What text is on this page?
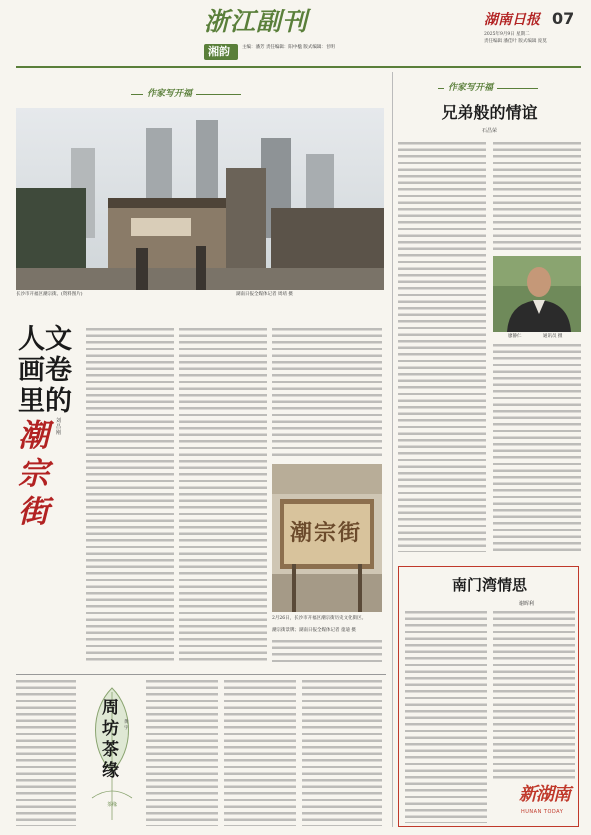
浙江副刊
湘韵	主编：潘芳 责任编辑：阳中楹 版式编辑：甘明
湖南日报 07
2025年9月9日 星期二
责任编辑 潘佳叶 版式编辑 庞莫
作家写开福
长沙市开福区潮宗街。(资料图片)	湖南日报全媒体记者 周靖 摄
人文
画卷
里的
潮宗街
刘昌刚
潮宗街
2月26日，长沙市开福区潮宗街历史文化街区。
潮宗街景牌；湖南日报全媒体记者 童迪 摄
作家写开福
兄弟般的情谊
石昌荣
廖静仁	通讯员 摄
周坊茶缘
黄宇
茶缘
南门湾情思
谢晖利
新湖南
HUNAN TODAY
